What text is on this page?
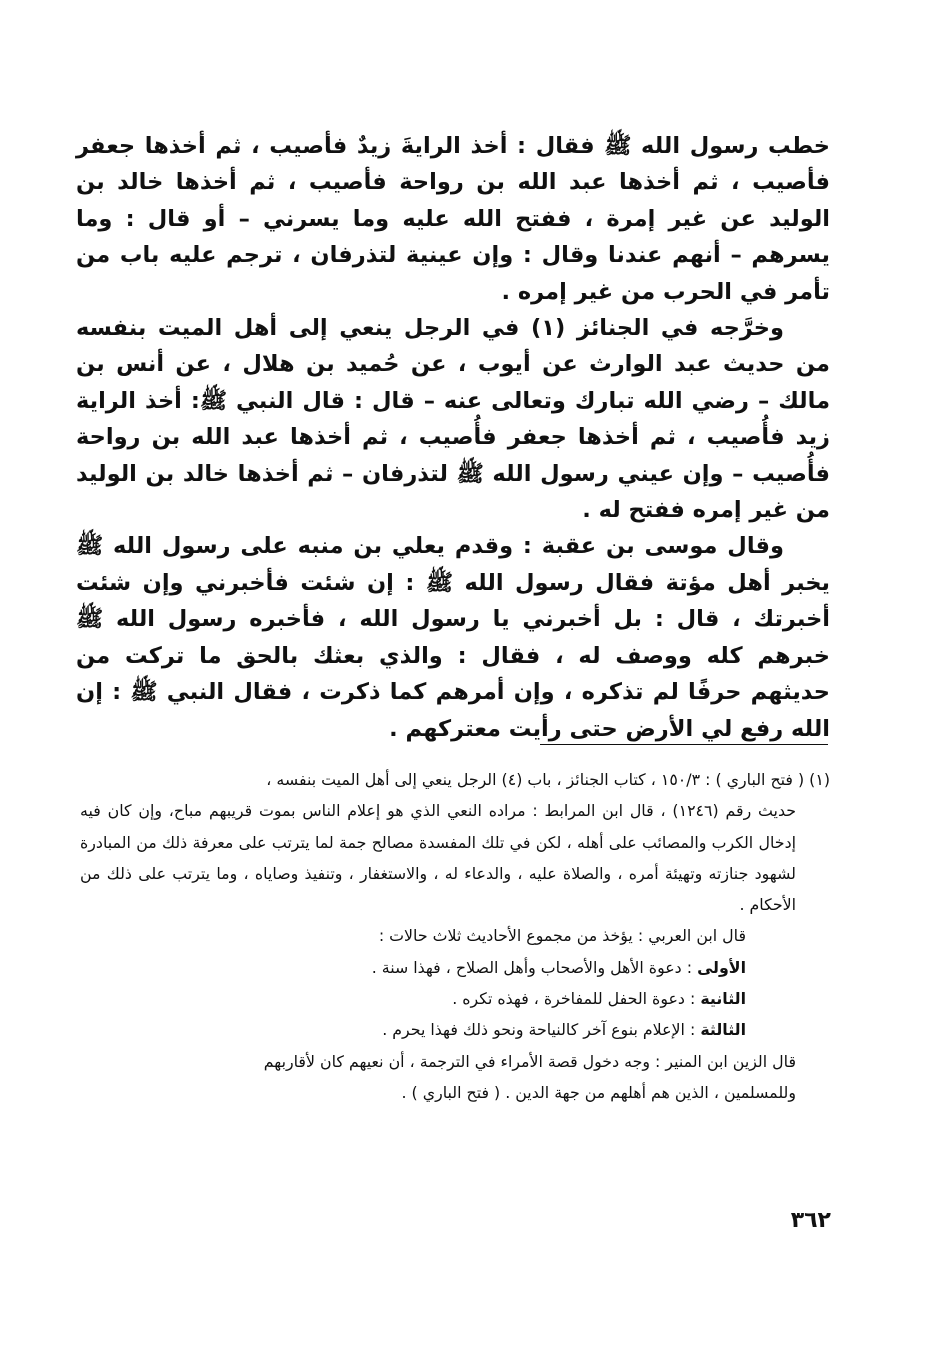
خطب رسول الله ﷺ فقال : أخذ الرايةَ زيدٌ فأصيب ، ثم أخذها جعفر فأصيب ، ثم أخذها عبد الله بن رواحة فأصيب ، ثم أخذها خالد بن الوليد عن غير إمرة ، ففتح الله عليه وما يسرني – أو قال : وما يسرهم – أنهم عندنا وقال : وإن عينية لتذرفان ، ترجم عليه باب من تأمر في الحرب من غير إمره .

وخرَّجه في الجنائز (١) في الرجل ينعي إلى أهل الميت بنفسه من حديث عبد الوارث عن أيوب ، عن حُميد بن هلال ، عن أنس بن مالك – رضي الله تبارك وتعالى عنه – قال : قال النبي ﷺ: أخذ الراية زيد فأُصيب ، ثم أخذها جعفر فأُصيب ، ثم أخذها عبد الله بن رواحة فأُصيب – وإن عيني رسول الله ﷺ لتذرفان – ثم أخذها خالد بن الوليد من غير إمره ففتح له .

وقال موسى بن عقبة : وقدم يعلي بن منبه على رسول الله ﷺ يخبر أهل مؤتة فقال رسول الله ﷺ : إن شئت فأخبرني وإن شئت أخبرتك ، قال : بل أخبرني يا رسول الله ، فأخبره رسول الله ﷺ خبرهم كله ووصف له ، فقال : والذي بعثك بالحق ما تركت من حديثهم حرفًا لم تذكره ، وإن أمرهم كما ذكرت ، فقال النبي ﷺ : إن الله رفع لي الأرض حتى رأيت معتركهم .

(١) ( فتح الباري ) : ١٥٠/٣ ، كتاب الجنائز ، باب (٤) الرجل ينعي إلى أهل الميت بنفسه ،

حديث رقم (١٢٤٦) ، قال ابن المرابط : مراده النعي الذي هو إعلام الناس بموت قريبهم مباح، وإن كان فيه إدخال الكرب والمصائب على أهله ، لكن في تلك المفسدة مصالح جمة لما يترتب على معرفة ذلك من المبادرة لشهود جنازته وتهيئة أمره ، والصلاة عليه ، والدعاء له ، والاستغفار ، وتنفيذ وصاياه ، وما يترتب على ذلك من الأحكام .

قال ابن العربي : يؤخذ من مجموع الأحاديث ثلاث حالات :

الأولى : دعوة الأهل والأصحاب وأهل الصلاح ، فهذا سنة .

الثانية : دعوة الحفل للمفاخرة ، فهذه تكره .

الثالثة : الإعلام بنوع آخر كالنياحة ونحو ذلك فهذا يحرم .

قال الزين ابن المنير : وجه دخول قصة الأمراء في الترجمة ، أن نعيهم كان لأقاربهم

وللمسلمين ، الذين هم أهلهم من جهة الدين . ( فتح الباري ) .

٣٦٢
